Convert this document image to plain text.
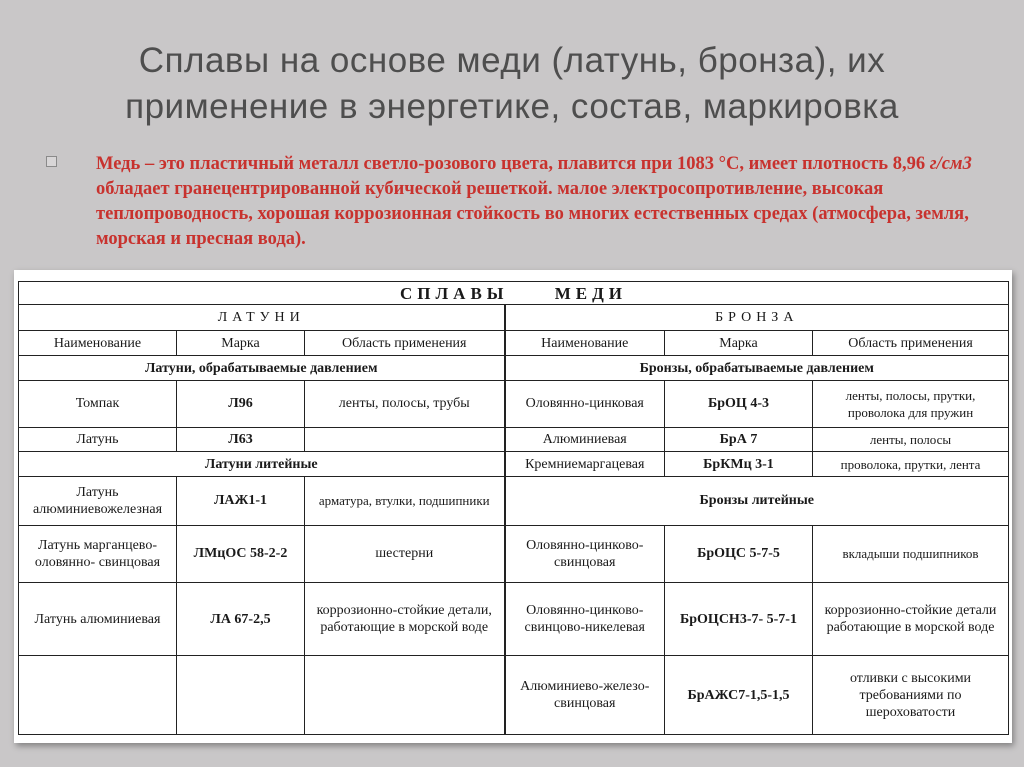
Сплавы на основе меди (латунь, бронза), их
применение в энергетике, состав, маркировка
Медь – это пластичный металл светло-розового цвета, плавится при 1083 °С, имеет плотность 8,96 г/см3 обладает гранецентрированной кубической решеткой. малое электросопротивление, высокая теплопроводность, хорошая коррозионная стойкость во многих естественных средах (атмосфера, земля, морская и пресная вода).
СПЛАВЫ     МЕДИ					
ЛАТУНИ			БРОНЗА		
Наименование	Марка	Область применения	Наименование	Марка	Область применения
Латуни, обрабатываемые давлением			Бронзы, обрабатываемые давлением		
Томпак	Л96	ленты, полосы, трубы	Оловянно-цинковая	БрОЦ 4-3	ленты, полосы, прутки, проволока для пружин
Латунь	Л63		Алюминиевая	БрА 7	ленты, полосы
Латуни литейные			Кремниемаргацевая	БрКМц 3-1	проволока, прутки, лента
Латунь алюминиевожелезная	ЛАЖ1-1	арматура, втулки, подшипники	Бронзы литейные		
Латунь марганцево-оловянно- свинцовая	ЛМцОС 58-2-2	шестерни	Оловянно-цинково-свинцовая	БрОЦС 5-7-5	вкладыши подшипников
Латунь алюминиевая	ЛА 67-2,5	коррозионно-стойкие детали, работающие в морской воде	Оловянно-цинково-свинцово-никелевая	БрОЦСН3-7- 5-7-1	коррозионно-стойкие детали работающие в морской воде
			Алюминиево-железо-свинцовая	БрАЖС7-1,5-1,5	отливки с высокими требованиями по шероховатости
